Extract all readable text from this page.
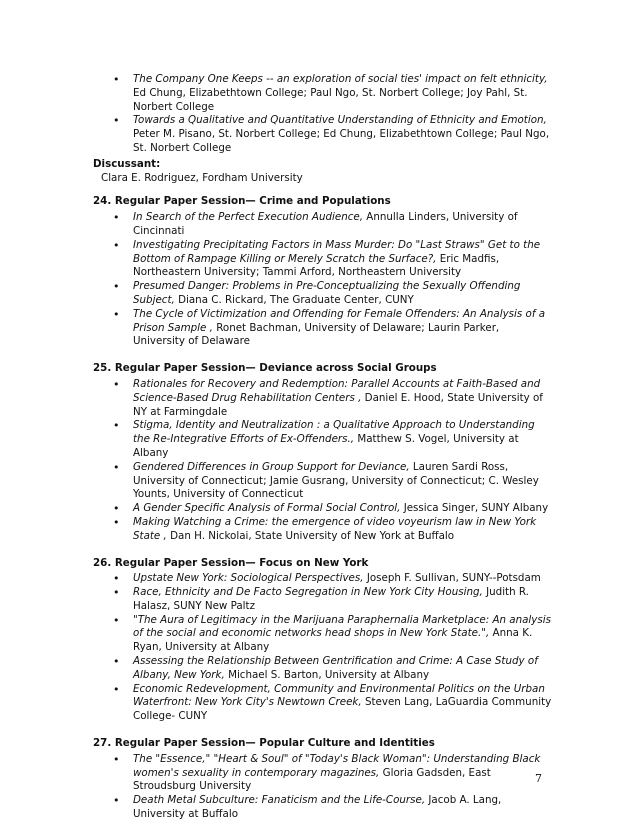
• The Company One Keeps -- an exploration of social ties' impact on felt ethnicity, Ed Chung, Elizabethtown College; Paul Ngo, St. Norbert College; Joy Pahl, St. Norbert College
• Towards a Qualitative and Quantitative Understanding of Ethnicity and Emotion, Peter M. Pisano, St. Norbert College; Ed Chung, Elizabethtown College; Paul Ngo, St. Norbert College
Discussant:
Clara E. Rodriguez, Fordham University
24. Regular Paper Session— Crime and Populations
• In Search of the Perfect Execution Audience, Annulla Linders, University of Cincinnati
• Investigating Precipitating Factors in Mass Murder: Do "Last Straws" Get to the Bottom of Rampage Killing or Merely Scratch the Surface?, Eric Madfis, Northeastern University; Tammi Arford, Northeastern University
• Presumed Danger: Problems in Pre-Conceptualizing the Sexually Offending Subject, Diana C. Rickard, The Graduate Center, CUNY
• The Cycle of Victimization and Offending for Female Offenders: An Analysis of a Prison Sample , Ronet Bachman, University of Delaware; Laurin Parker, University of Delaware
25. Regular Paper Session— Deviance across Social Groups
• Rationales for Recovery and Redemption: Parallel Accounts at Faith-Based and Science-Based Drug Rehabilitation Centers , Daniel E. Hood, State University of NY at Farmingdale
• Stigma, Identity and Neutralization : a Qualitative Approach to Understanding the Re-Integrative Efforts of Ex-Offenders., Matthew S. Vogel, University at Albany
• Gendered Differences in Group Support for Deviance, Lauren Sardi Ross, University of Connecticut; Jamie Gusrang, University of Connecticut; C. Wesley Younts, University of Connecticut
• A Gender Specific Analysis of Formal Social Control, Jessica Singer, SUNY Albany
• Making Watching a Crime: the emergence of video voyeurism law in New York State , Dan H. Nickolai, State University of New York at Buffalo
26. Regular Paper Session— Focus on New York
• Upstate New York: Sociological Perspectives, Joseph F. Sullivan, SUNY--Potsdam
• Race, Ethnicity and De Facto Segregation in New York City Housing, Judith R. Halasz, SUNY New Paltz
• "The Aura of Legitimacy in the Marijuana Paraphernalia Marketplace: An analysis of the social and economic networks head shops in New York State.", Anna K. Ryan, University at Albany
• Assessing the Relationship Between Gentrification and Crime: A Case Study of Albany, New York, Michael S. Barton, University at Albany
• Economic Redevelopment, Community and Environmental Politics on the Urban Waterfront: New York City's Newtown Creek, Steven Lang, LaGuardia Community College- CUNY
27. Regular Paper Session— Popular Culture and Identities
• The "Essence," "Heart & Soul" of "Today's Black Woman": Understanding Black women's sexuality in contemporary magazines, Gloria Gadsden, East Stroudsburg University
• Death Metal Subculture: Fanaticism and the Life-Course, Jacob A. Lang, University at Buffalo
7
